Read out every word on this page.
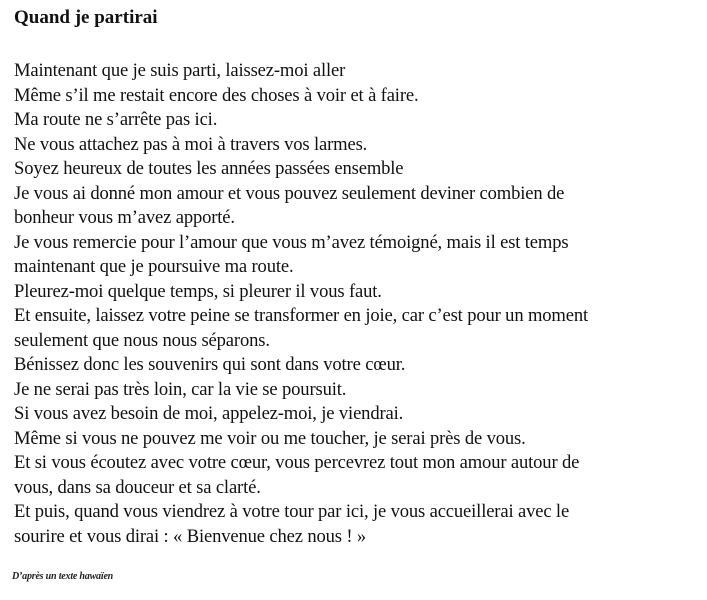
Quand je partirai
Maintenant que je suis parti, laissez-moi aller
Même s’il me restait encore des choses à voir et à faire.
Ma route ne s’arrête pas ici.
Ne vous attachez pas à moi à travers vos larmes.
Soyez heureux de toutes les années passées ensemble
Je vous ai donné mon amour et vous pouvez seulement deviner combien de
bonheur vous m’avez apporté.
Je vous remercie pour l’amour que vous m’avez témoigné, mais il est temps
maintenant que je poursuive ma route.
Pleurez-moi quelque temps, si pleurer il vous faut.
Et ensuite, laissez votre peine se transformer en joie, car c’est pour un moment
seulement que nous nous séparons.
Bénissez donc les souvenirs qui sont dans votre cœur.
Je ne serai pas très loin, car la vie se poursuit.
Si vous avez besoin de moi, appelez-moi, je viendrai.
Même si vous ne pouvez me voir ou me toucher, je serai près de vous.
Et si vous écoutez avec votre cœur, vous percevrez tout mon amour autour de
vous, dans sa douceur et sa clarté.
Et puis, quand vous viendrez à votre tour par ici, je vous accueillerai avec le
sourire et vous dirai : « Bienvenue chez nous ! »
D’après un texte hawaïen
